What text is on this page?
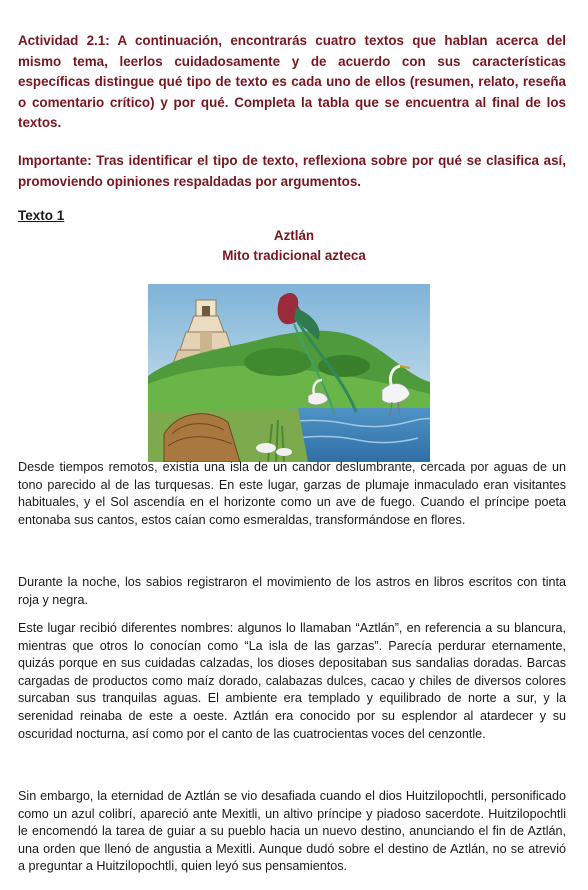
Actividad 2.1: A continuación, encontrarás cuatro textos que hablan acerca del mismo tema, leerlos cuidadosamente y de acuerdo con sus características específicas distingue qué tipo de texto es cada uno de ellos (resumen, relato, reseña o comentario crítico) y por qué. Completa la tabla que se encuentra al final de los textos.

Importante: Tras identificar el tipo de texto, reflexiona sobre por qué se clasifica así, promoviendo opiniones respaldadas por argumentos.

Texto 1
Aztlán
Mito tradicional azteca

Desde tiempos remotos, existía una isla de un candor deslumbrante, cercada por aguas de un tono parecido al de las turquesas. En este lugar, garzas de plumaje inmaculado eran visitantes habituales, y el Sol ascendía en el horizonte como un ave de fuego. Cuando el príncipe poeta entonaba sus cantos, estos caían como esmeraldas, transformándose en flores.

Durante la noche, los sabios registraron el movimiento de los astros en libros escritos con tinta roja y negra.

Este lugar recibió diferentes nombres: algunos lo llamaban “Aztlán”, en referencia a su blancura, mientras que otros lo conocían como “La isla de las garzas”. Parecía perdurar eternamente, quizás porque en sus cuidadas calzadas, los dioses depositaban sus sandalias doradas. Barcas cargadas de productos como maíz dorado, calabazas dulces, cacao y chiles de diversos colores surcaban sus tranquilas aguas. El ambiente era templado y equilibrado de norte a sur, y la serenidad reinaba de este a oeste. Aztlán era conocido por su esplendor al atardecer y su oscuridad nocturna, así como por el canto de las cuatrocientas voces del cenzontle.

Sin embargo, la eternidad de Aztlán se vio desafiada cuando el dios Huitzilopochtli, personificado como un azul colibrí, apareció ante Mexitli, un altivo príncipe y piadoso sacerdote. Huitzilopochtli le encomendó la tarea de guiar a su pueblo hacia un nuevo destino, anunciando el fin de Aztlán, una orden que llenó de angustia a Mexitli. Aunque dudó sobre el destino de Aztlán, no se atrevió a preguntar a Huitzilopochtli, quien leyó sus pensamientos.
